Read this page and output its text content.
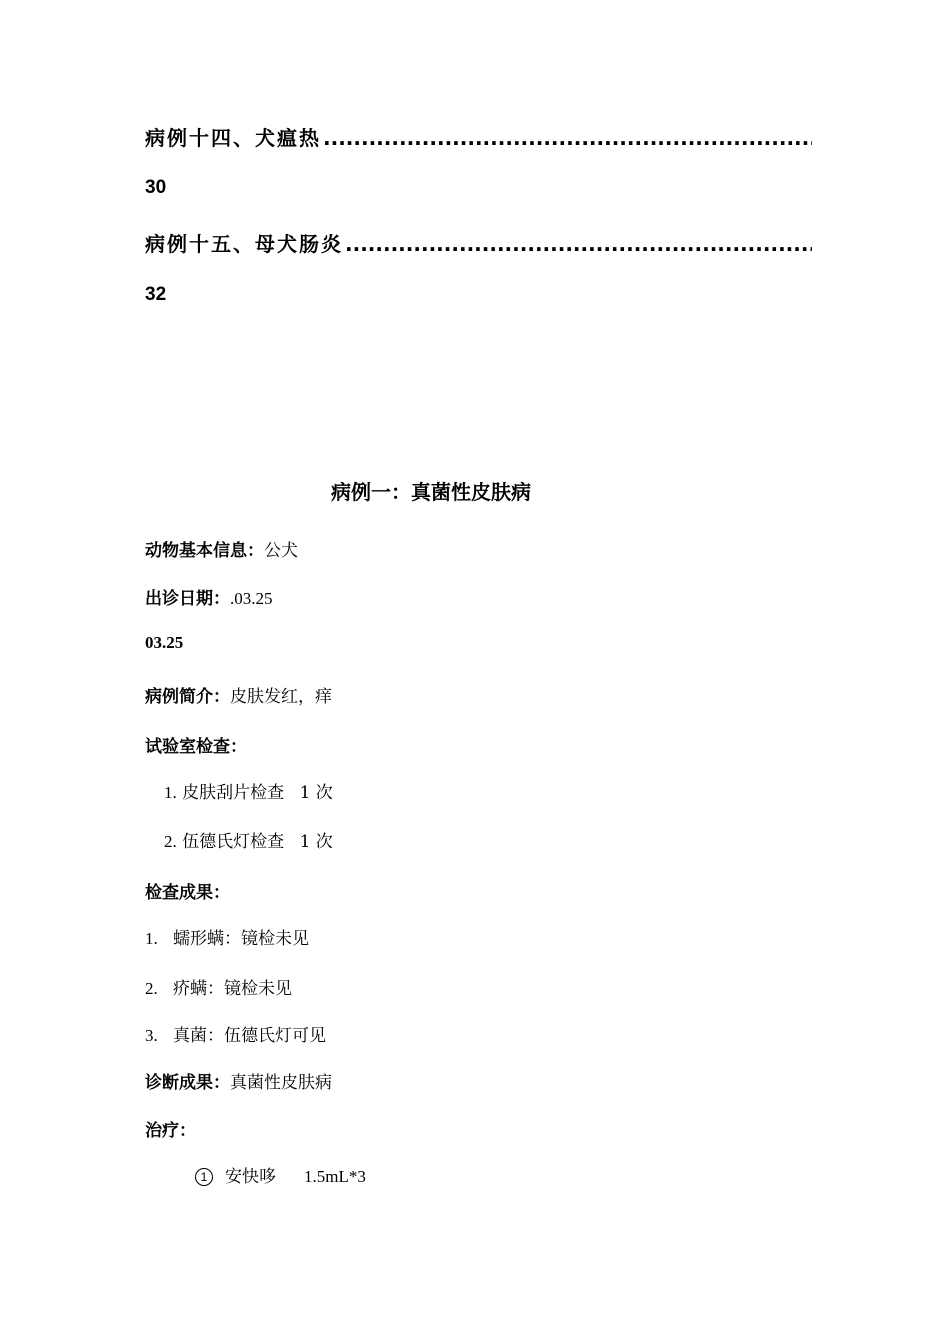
病例十四、犬瘟热
.....
30
病例十五、母犬肠炎
.....
32
病例一：真菌性皮肤病
动物基本信息：公犬
出诊日期：.03.25
03.25
病例简介：皮肤发红，痒
试验室检查：
1. 皮肤刮片检查 1 次
2. 伍德氏灯检查 1 次
检查成果：
1. 蠕形螨：镜检未见
2. 疥螨：镜检未见
3. 真菌：伍德氏灯可见
诊断成果：真菌性皮肤病
治疗：
1 安快哆 1.5mL*3
